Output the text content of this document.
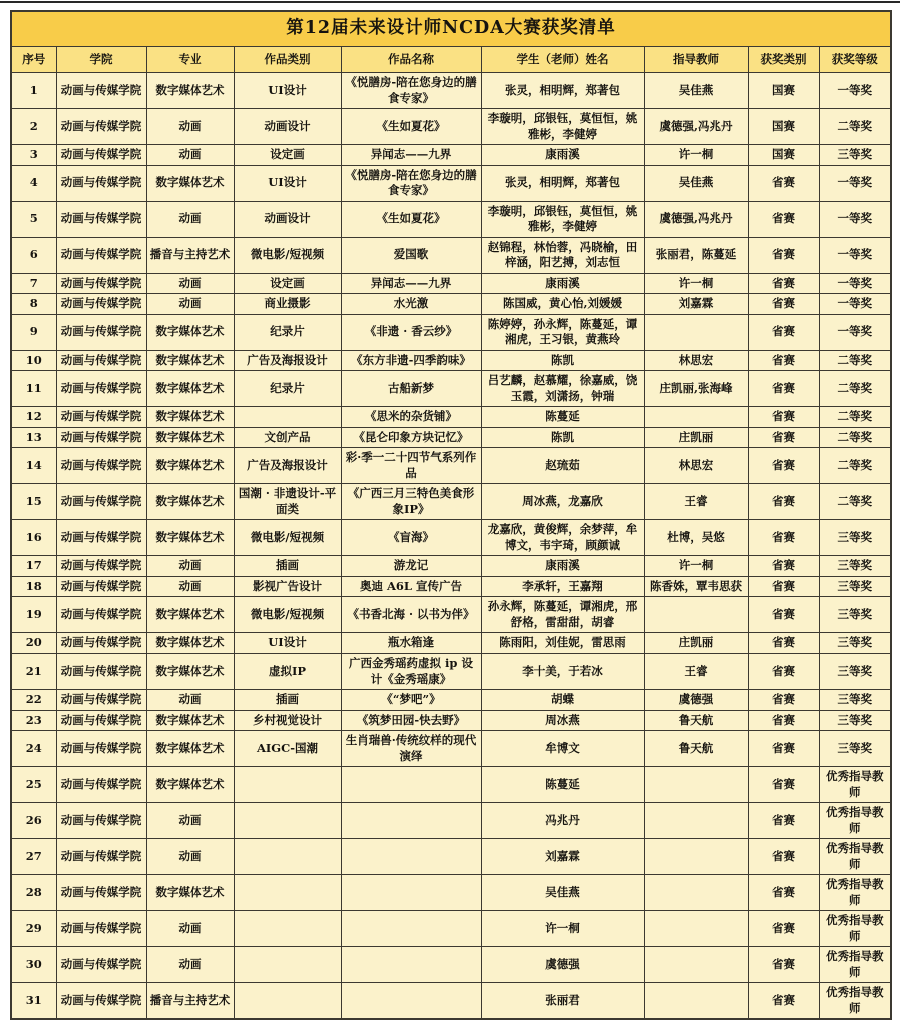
第12届未来设计师NCDA大赛获奖清单								
序号	学院	专业	作品类别	作品名称	学生（老师）姓名	指导教师	获奖类别	获奖等级
1	动画与传媒学院	数字媒体艺术	UI设计	《悦膳房-陪在您身边的膳食专家》	张灵，相明辉，郑著包	吴佳燕	国赛	一等奖
2	动画与传媒学院	动画	动画设计	《生如夏花》	李璇明，邱银钰，莫恒恒，姚雅彬，李健婷	虞德强,冯兆丹	国赛	二等奖
3	动画与传媒学院	动画	设定画	异闻志——九界	康雨溪	许一桐	国赛	三等奖
4	动画与传媒学院	数字媒体艺术	UI设计	《悦膳房-陪在您身边的膳食专家》	张灵，相明辉，郑著包	吴佳燕	省赛	一等奖
5	动画与传媒学院	动画	动画设计	《生如夏花》	李璇明，邱银钰，莫恒恒，姚雅彬，李健婷	虞德强,冯兆丹	省赛	一等奖
6	动画与传媒学院	播音与主持艺术	微电影/短视频	爱国歌	赵锦程，林怡蓉，冯晓榆，田梓涵，阳艺搏，刘志恒	张丽君，陈蔓延	省赛	一等奖
7	动画与传媒学院	动画	设定画	异闻志——九界	康雨溪	许一桐	省赛	一等奖
8	动画与传媒学院	动画	商业摄影	水光激	陈国威，黄心怡,刘媛媛	刘嘉霖	省赛	一等奖
9	动画与传媒学院	数字媒体艺术	纪录片	《非遗 · 香云纱》	陈婷婷，孙永辉，陈蔓延，谭湘虎，王习银，黄燕玲		省赛	一等奖
10	动画与传媒学院	数字媒体艺术	广告及海报设计	《东方非遗-四季韵味》	陈凯	林思宏	省赛	二等奖
11	动画与传媒学院	数字媒体艺术	纪录片	古船新梦	吕艺麟，赵慕耀，徐嘉威，饶玉霞，刘潇扬，钟瑞	庄凯丽,张海峰	省赛	二等奖
12	动画与传媒学院	数字媒体艺术		《思米的杂货铺》	陈蔓延		省赛	二等奖
13	动画与传媒学院	数字媒体艺术	文创产品	《昆仑印象方块记忆》	陈凯	庄凯丽	省赛	二等奖
14	动画与传媒学院	数字媒体艺术	广告及海报设计	彩·季一二十四节气系列作品	赵琉茹	林思宏	省赛	二等奖
15	动画与传媒学院	数字媒体艺术	国潮 · 非遗设计-平面类	《广西三月三特色美食形象IP》	周冰燕，龙嘉欣	王睿	省赛	二等奖
16	动画与传媒学院	数字媒体艺术	微电影/短视频	《盲海》	龙嘉欣，黄俊辉，余梦萍，牟博文，韦宇琦，顾颜诚	杜博，吴悠	省赛	三等奖
17	动画与传媒学院	动画	插画	游龙记	康雨溪	许一桐	省赛	三等奖
18	动画与传媒学院	动画	影视广告设计	奥迪 A6L 宣传广告	李承轩，王嘉翔	陈香姝，覃韦思获	省赛	三等奖
19	动画与传媒学院	数字媒体艺术	微电影/短视频	《书香北海 · 以书为伴》	孙永辉，陈蔓延，谭湘虎，邢舒格，雷甜甜，胡睿		省赛	三等奖
20	动画与传媒学院	数字媒体艺术	UI设计	瓶水箱逢	陈雨阳，刘佳妮，雷思雨	庄凯丽	省赛	三等奖
21	动画与传媒学院	数字媒体艺术	虚拟IP	广西金秀瑶药虚拟 ip 设计《金秀瑶康》	李十美，于若冰	王睿	省赛	三等奖
22	动画与传媒学院	动画	插画	《“梦吧”》	胡蝶	虞德强	省赛	三等奖
23	动画与传媒学院	数字媒体艺术	乡村视觉设计	《筑梦田园-快去野》	周冰燕	鲁天航	省赛	三等奖
24	动画与传媒学院	数字媒体艺术	AIGC-国潮	生肖瑞兽·传统纹样的现代演绎	牟博文	鲁天航	省赛	三等奖
25	动画与传媒学院	数字媒体艺术			陈蔓延		省赛	优秀指导教师
26	动画与传媒学院	动画			冯兆丹		省赛	优秀指导教师
27	动画与传媒学院	动画			刘嘉霖		省赛	优秀指导教师
28	动画与传媒学院	数字媒体艺术			吴佳燕		省赛	优秀指导教师
29	动画与传媒学院	动画			许一桐		省赛	优秀指导教师
30	动画与传媒学院	动画			虞德强		省赛	优秀指导教师
31	动画与传媒学院	播音与主持艺术			张丽君		省赛	优秀指导教师
